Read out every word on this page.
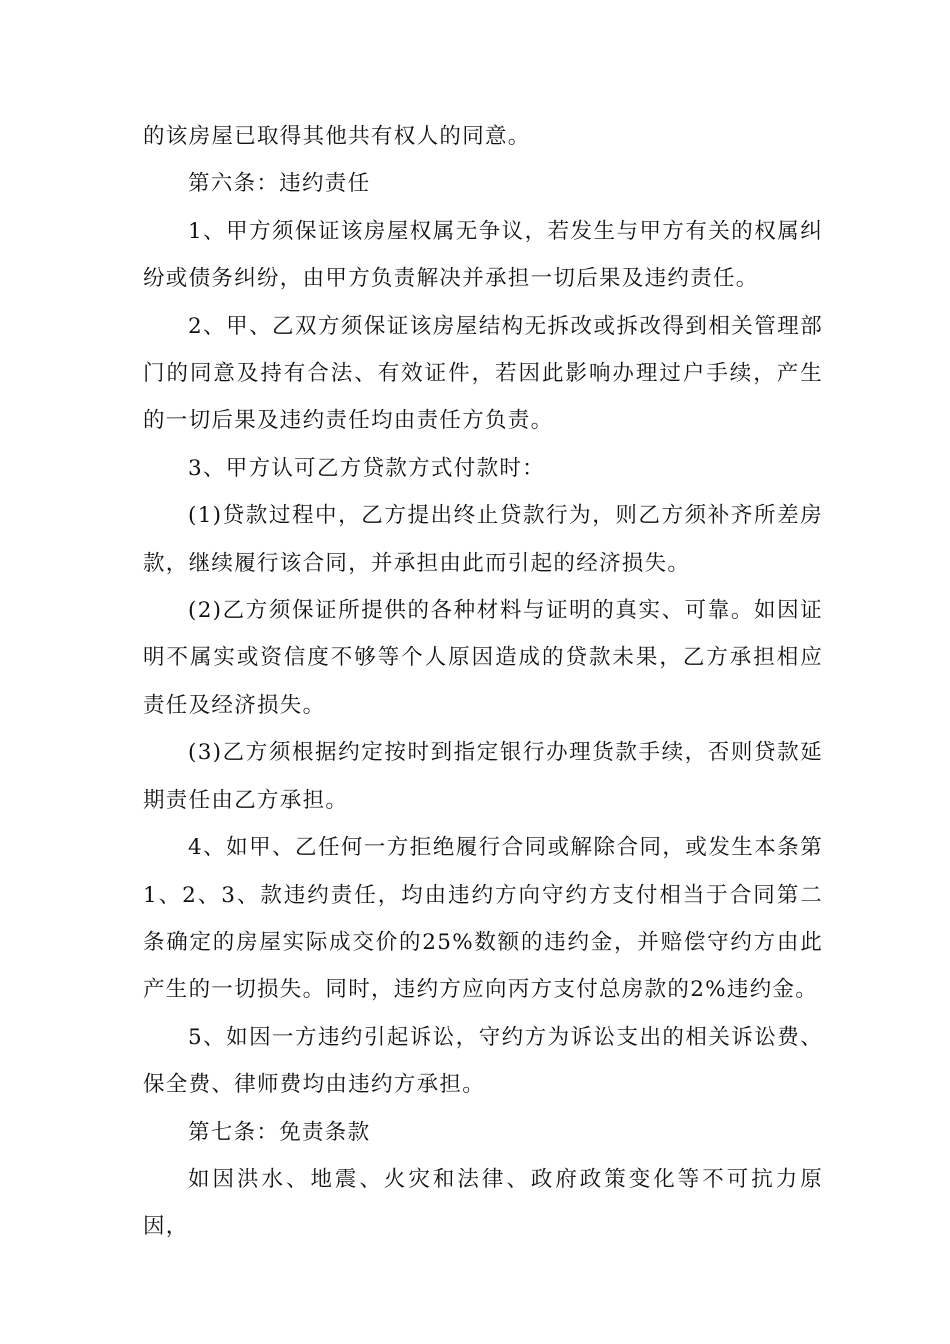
的该房屋已取得其他共有权人的同意。

第六条：违约责任

1、甲方须保证该房屋权属无争议，若发生与甲方有关的权属纠纷或债务纠纷，由甲方负责解决并承担一切后果及违约责任。

2、甲、乙双方须保证该房屋结构无拆改或拆改得到相关管理部门的同意及持有合法、有效证件，若因此影响办理过户手续，产生的一切后果及违约责任均由责任方负责。

3、甲方认可乙方贷款方式付款时：

(1)贷款过程中，乙方提出终止贷款行为，则乙方须补齐所差房款，继续履行该合同，并承担由此而引起的经济损失。

(2)乙方须保证所提供的各种材料与证明的真实、可靠。如因证明不属实或资信度不够等个人原因造成的贷款未果，乙方承担相应责任及经济损失。

(3)乙方须根据约定按时到指定银行办理货款手续，否则贷款延期责任由乙方承担。

4、如甲、乙任何一方拒绝履行合同或解除合同，或发生本条第1、2、3、款违约责任，均由违约方向守约方支付相当于合同第二条确定的房屋实际成交价的25%数额的违约金，并赔偿守约方由此产生的一切损失。同时，违约方应向丙方支付总房款的2%违约金。

5、如因一方违约引起诉讼，守约方为诉讼支出的相关诉讼费、保全费、律师费均由违约方承担。

第七条：免责条款

如因洪水、地震、火灾和法律、政府政策变化等不可抗力原因，
